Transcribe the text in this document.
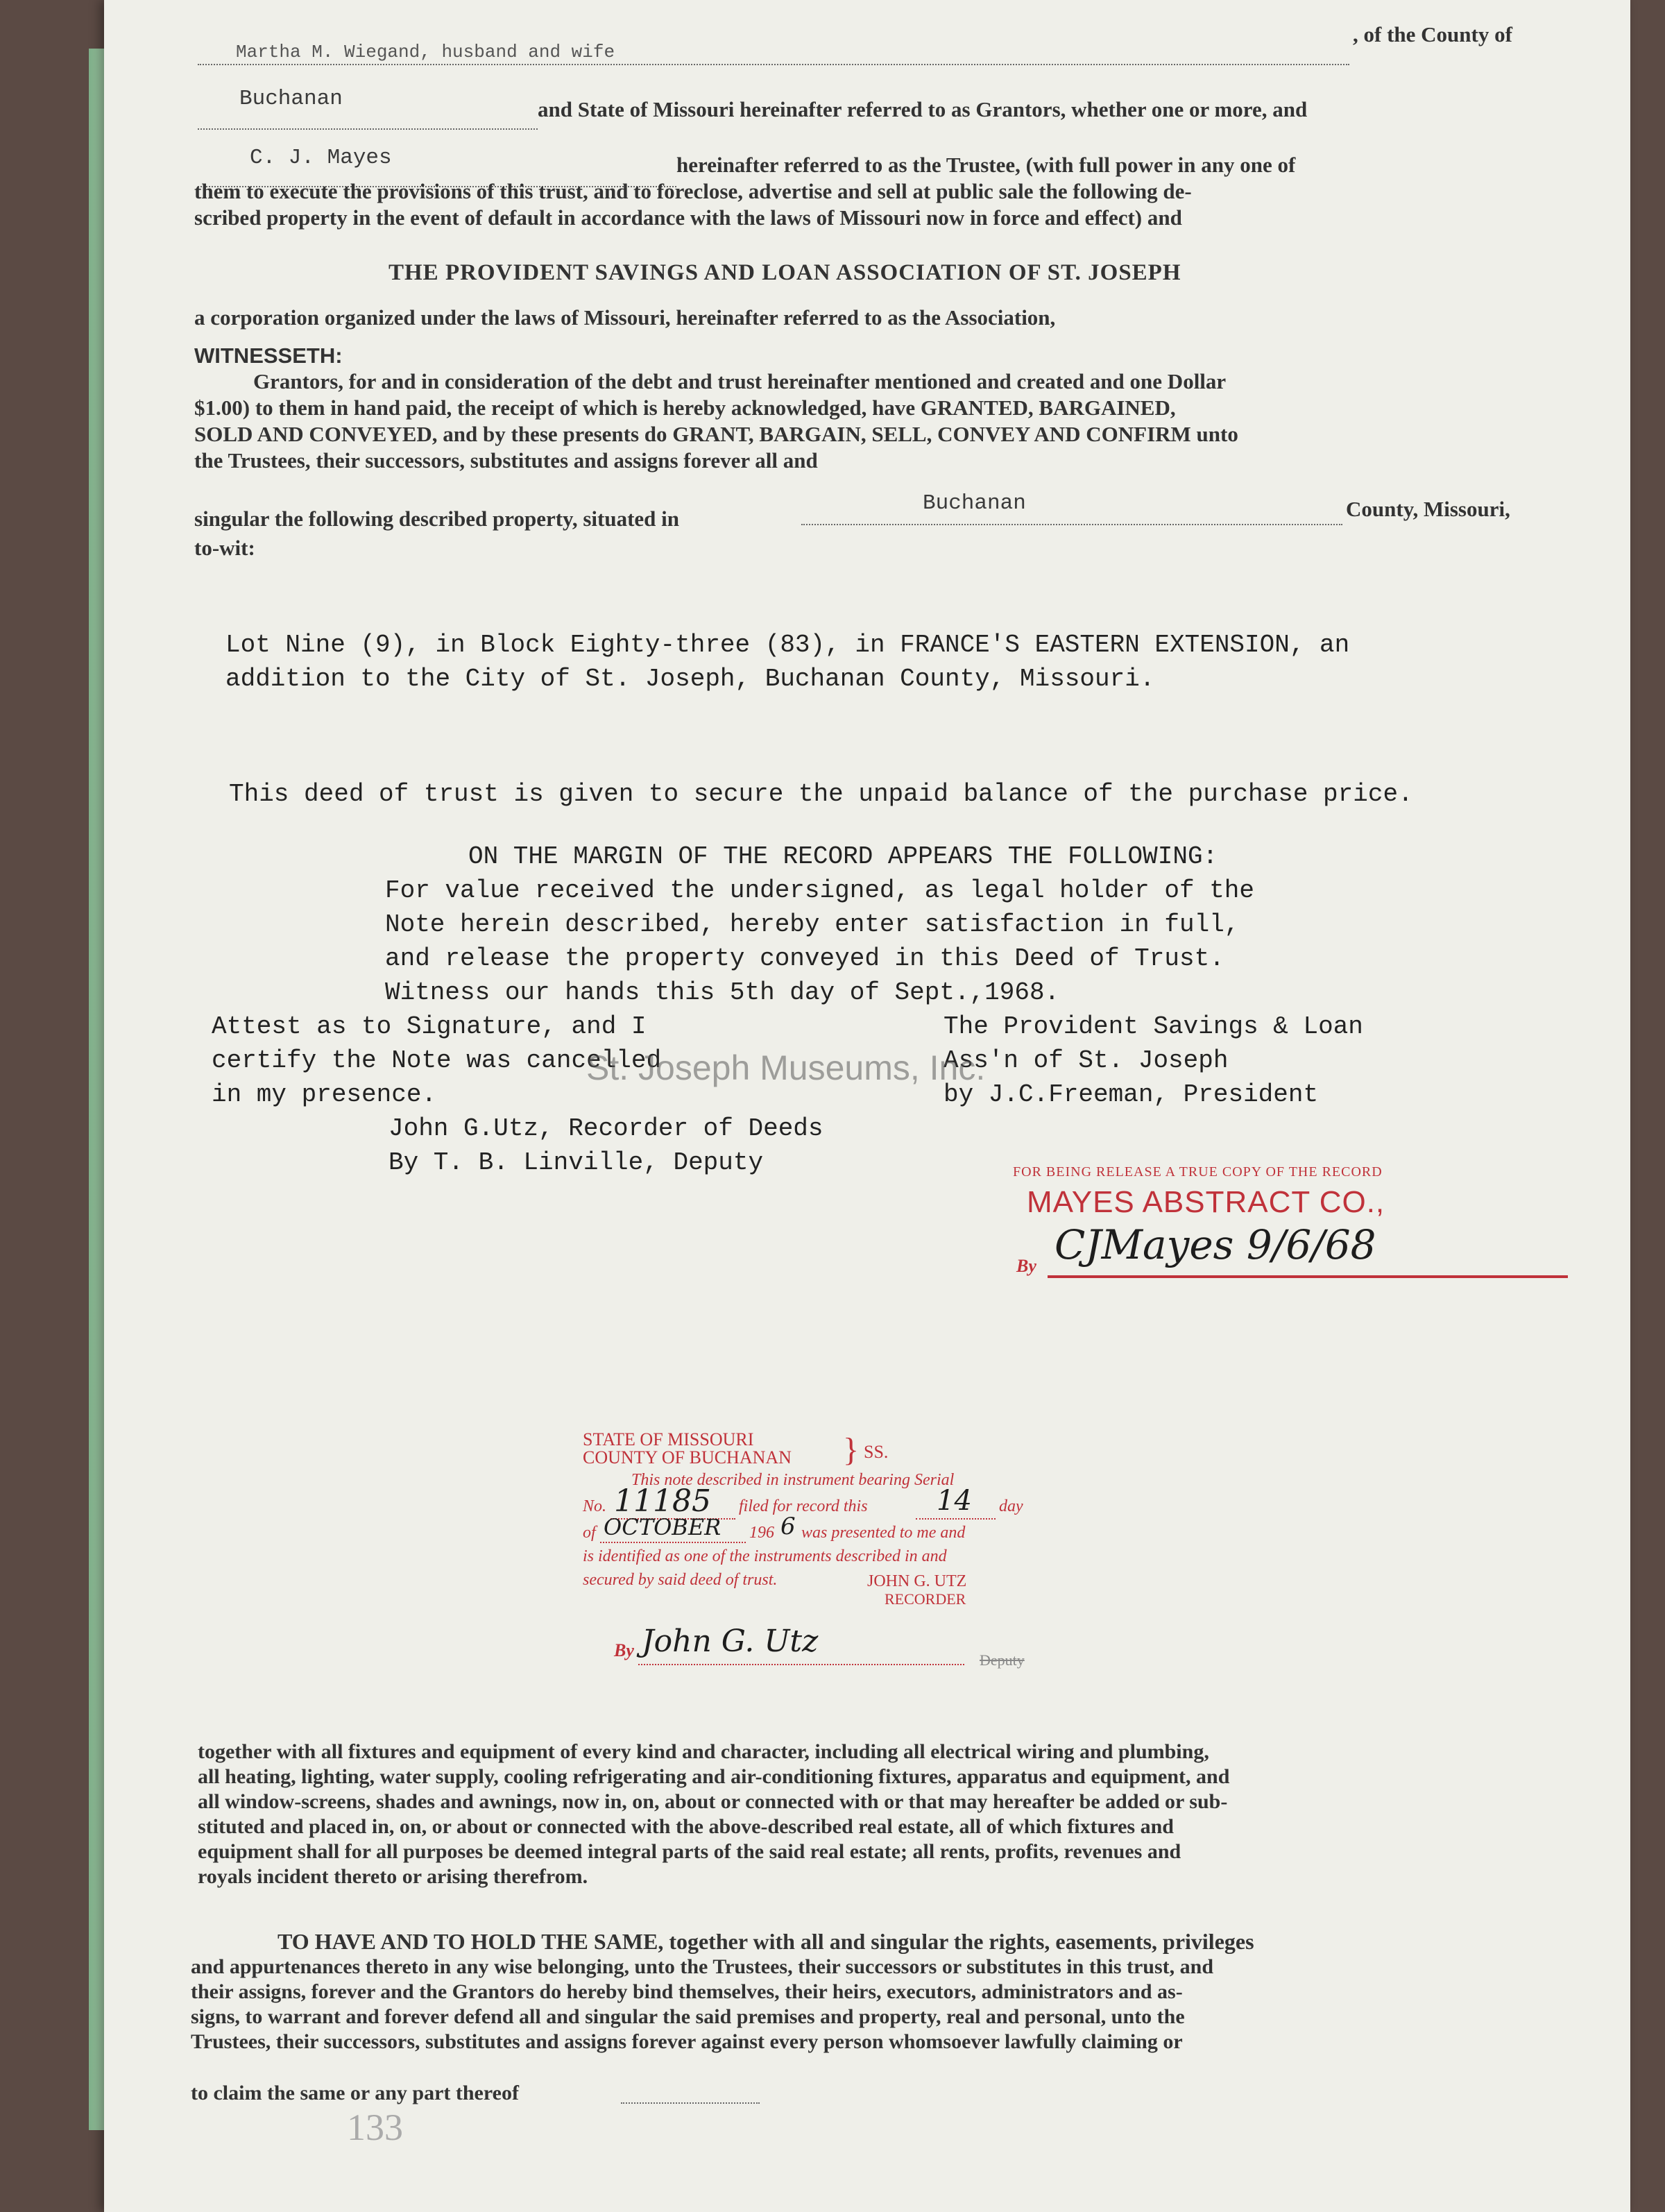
Martha M. Wiegand, husband and wife
, of the County of
Buchanan	and State of Missouri hereinafter referred to as Grantors, whether one or more, and
C. J. Mayes	hereinafter referred to as the Trustee, (with full power in any one of
them to execute the provisions of this trust, and to foreclose, advertise and sell at public sale the following de-
scribed property in the event of default in accordance with the laws of Missouri now in force and effect) and
THE PROVIDENT SAVINGS AND LOAN ASSOCIATION OF ST. JOSEPH
a corporation organized under the laws of Missouri, hereinafter referred to as the Association,
WITNESSETH:
Grantors, for and in consideration of the debt and trust hereinafter mentioned and created and one Dollar
$1.00) to them in hand paid, the receipt of which is hereby acknowledged, have GRANTED, BARGAINED,
SOLD AND CONVEYED, and by these presents do GRANT, BARGAIN, SELL, CONVEY AND CONFIRM unto
the Trustees, their successors, substitutes and assigns forever all and
singular the following described property, situated in
Buchanan	County, Missouri,
to-wit:
Lot Nine (9), in Block Eighty-three (83), in FRANCE'S EASTERN EXTENSION, an
addition to the City of St. Joseph, Buchanan County, Missouri.
This deed of trust is given to secure the unpaid balance of the purchase price.
ON THE MARGIN OF THE RECORD APPEARS THE FOLLOWING:
For value received the undersigned, as legal holder of the
Note herein described, hereby enter satisfaction in full,
and release the property conveyed in this Deed of Trust.
Witness our hands this 5th day of Sept.,1968.
Attest as to Signature, and I
certify the Note was cancelled
in my presence.
The Provident Savings & Loan
Ass'n of St. Joseph
by J.C.Freeman, President
John G.Utz, Recorder of Deeds
By T. B. Linville, Deputy
St. Joseph Museums, Inc.
FOR BEING RELEASE A TRUE COPY OF THE RECORD
MAYES ABSTRACT CO.,
By CJMayes 9/6/68
STATE OF MISSOURI
COUNTY OF BUCHANAN } SS.
This note described in instrument bearing Serial
No. 11185 filed for record this 14 day
of OCTOBER 196 6 was presented to me and
is identified as one of the instruments described in and
secured by said deed of trust.	JOHN G. UTZ
RECORDER
By John G. Utz
Deputy
together with all fixtures and equipment of every kind and character, including all electrical wiring and plumbing,
all heating, lighting, water supply, cooling refrigerating and air-conditioning fixtures, apparatus and equipment, and
all window-screens, shades and awnings, now in, on, about or connected with or that may hereafter be added or sub-
stituted and placed in, on, or about or connected with the above-described real estate, all of which fixtures and
equipment shall for all purposes be deemed integral parts of the said real estate; all rents, profits, revenues and
royals incident thereto or arising therefrom.
TO HAVE AND TO HOLD THE SAME, together with all and singular the rights, easements, privileges
and appurtenances thereto in any wise belonging, unto the Trustees, their successors or substitutes in this trust, and
their assigns, forever and the Grantors do hereby bind themselves, their heirs, executors, administrators and as-
signs, to warrant and forever defend all and singular the said premises and property, real and personal, unto the
Trustees, their successors, substitutes and assigns forever against every person whomsoever lawfully claiming or
to claim the same or any part thereof
133
